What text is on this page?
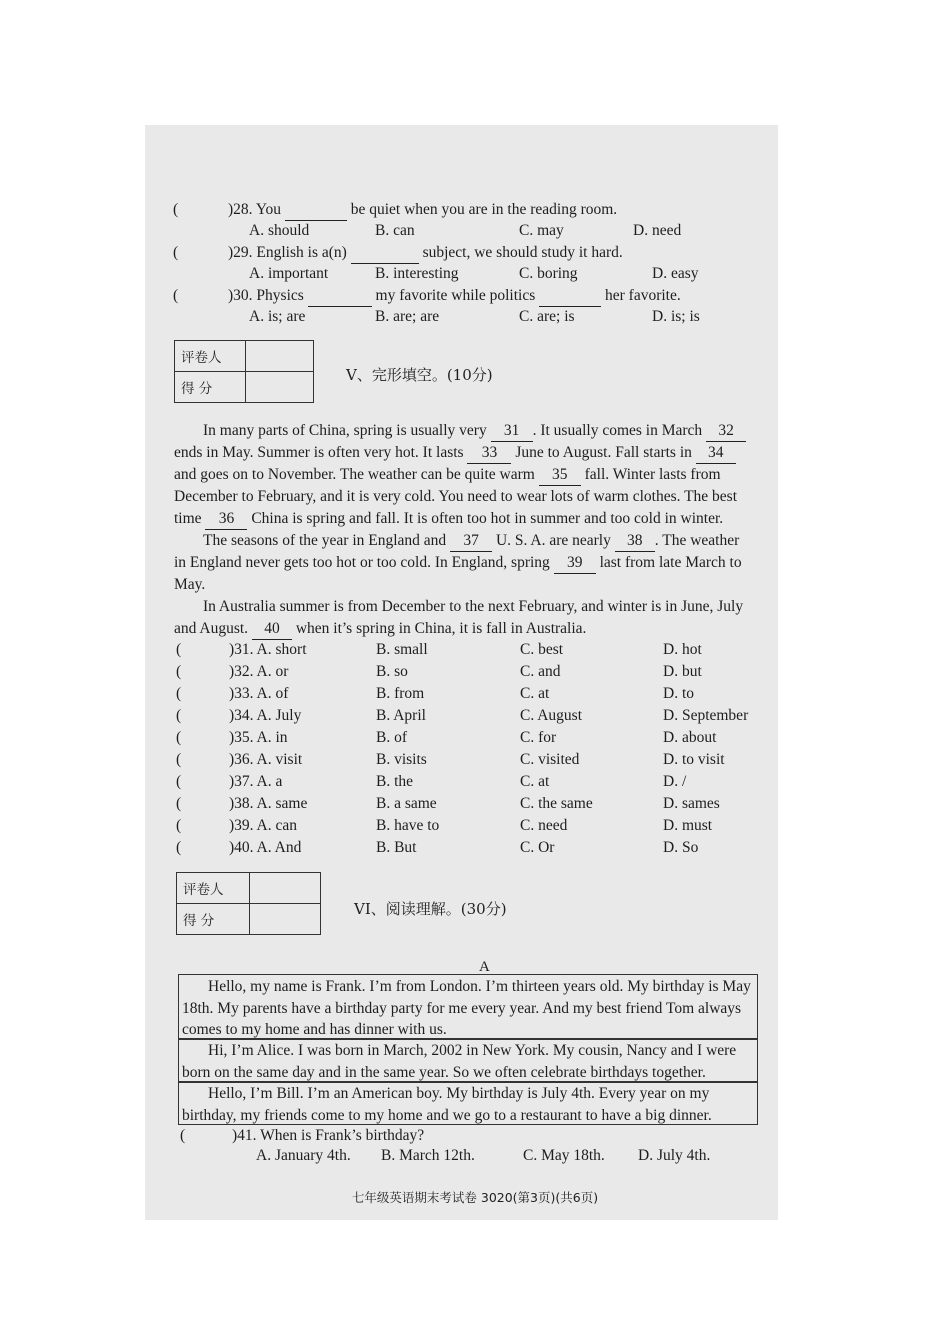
(	)28. You	be quiet when you are in the reading room.
A. should	B. can	C. may	D. need
(	)29. English is a(n)	subject, we should study it hard.
A. important	B. interesting	C. boring	D. easy
(	)30. Physics	my favorite while politics	her favorite.
A. is; are	B. are; are	C. are; is	D. is; is
评卷人	
得 分	
V、完形填空。(10分)
In many parts of China, spring is usually very 31 . It usually comes in March 32
ends in May. Summer is often very hot. It lasts 33 June to August. Fall starts in 34
and goes on to November. The weather can be quite warm 35 fall. Winter lasts from
December to February, and it is very cold. You need to wear lots of warm clothes. The best
time 36 China is spring and fall. It is often too hot in summer and too cold in winter.
The seasons of the year in England and 37 U. S. A. are nearly 38 . The weather
in England never gets too hot or too cold. In England, spring 39 last from late March to
May.
In Australia summer is from December to the next February, and winter is in June, July
and August. 40 when it’s spring in China, it is fall in Australia.
(	)31. A. short	B. small	C. best	D. hot
(	)32. A. or	B. so	C. and	D. but
(	)33. A. of	B. from	C. at	D. to
(	)34. A. July	B. April	C. August	D. September
(	)35. A. in	B. of	C. for	D. about
(	)36. A. visit	B. visits	C. visited	D. to visit
(	)37. A. a	B. the	C. at	D. /
(	)38. A. same	B. a same	C. the same	D. sames
(	)39. A. can	B. have to	C. need	D. must
(	)40. A. And	B. But	C. Or	D. So
评卷人	
得 分	
VI、阅读理解。(30分)
A
Hello, my name is Frank. I’m from London. I’m thirteen years old. My birthday is May 18th. My parents have a birthday party for me every year. And my best friend Tom always comes to my home and has dinner with us.
Hi, I’m Alice. I was born in March, 2002 in New York. My cousin, Nancy and I were born on the same day and in the same year. So we often celebrate birthdays together.
Hello, I’m Bill. I’m an American boy. My birthday is July 4th. Every year on my birthday, my friends come to my home and we go to a restaurant to have a big dinner.
(	)41. When is Frank’s birthday?
A. January 4th. B. March 12th.	C. May 18th. D. July 4th.
七年级英语期末考试卷 3020(第3页)(共6页)
